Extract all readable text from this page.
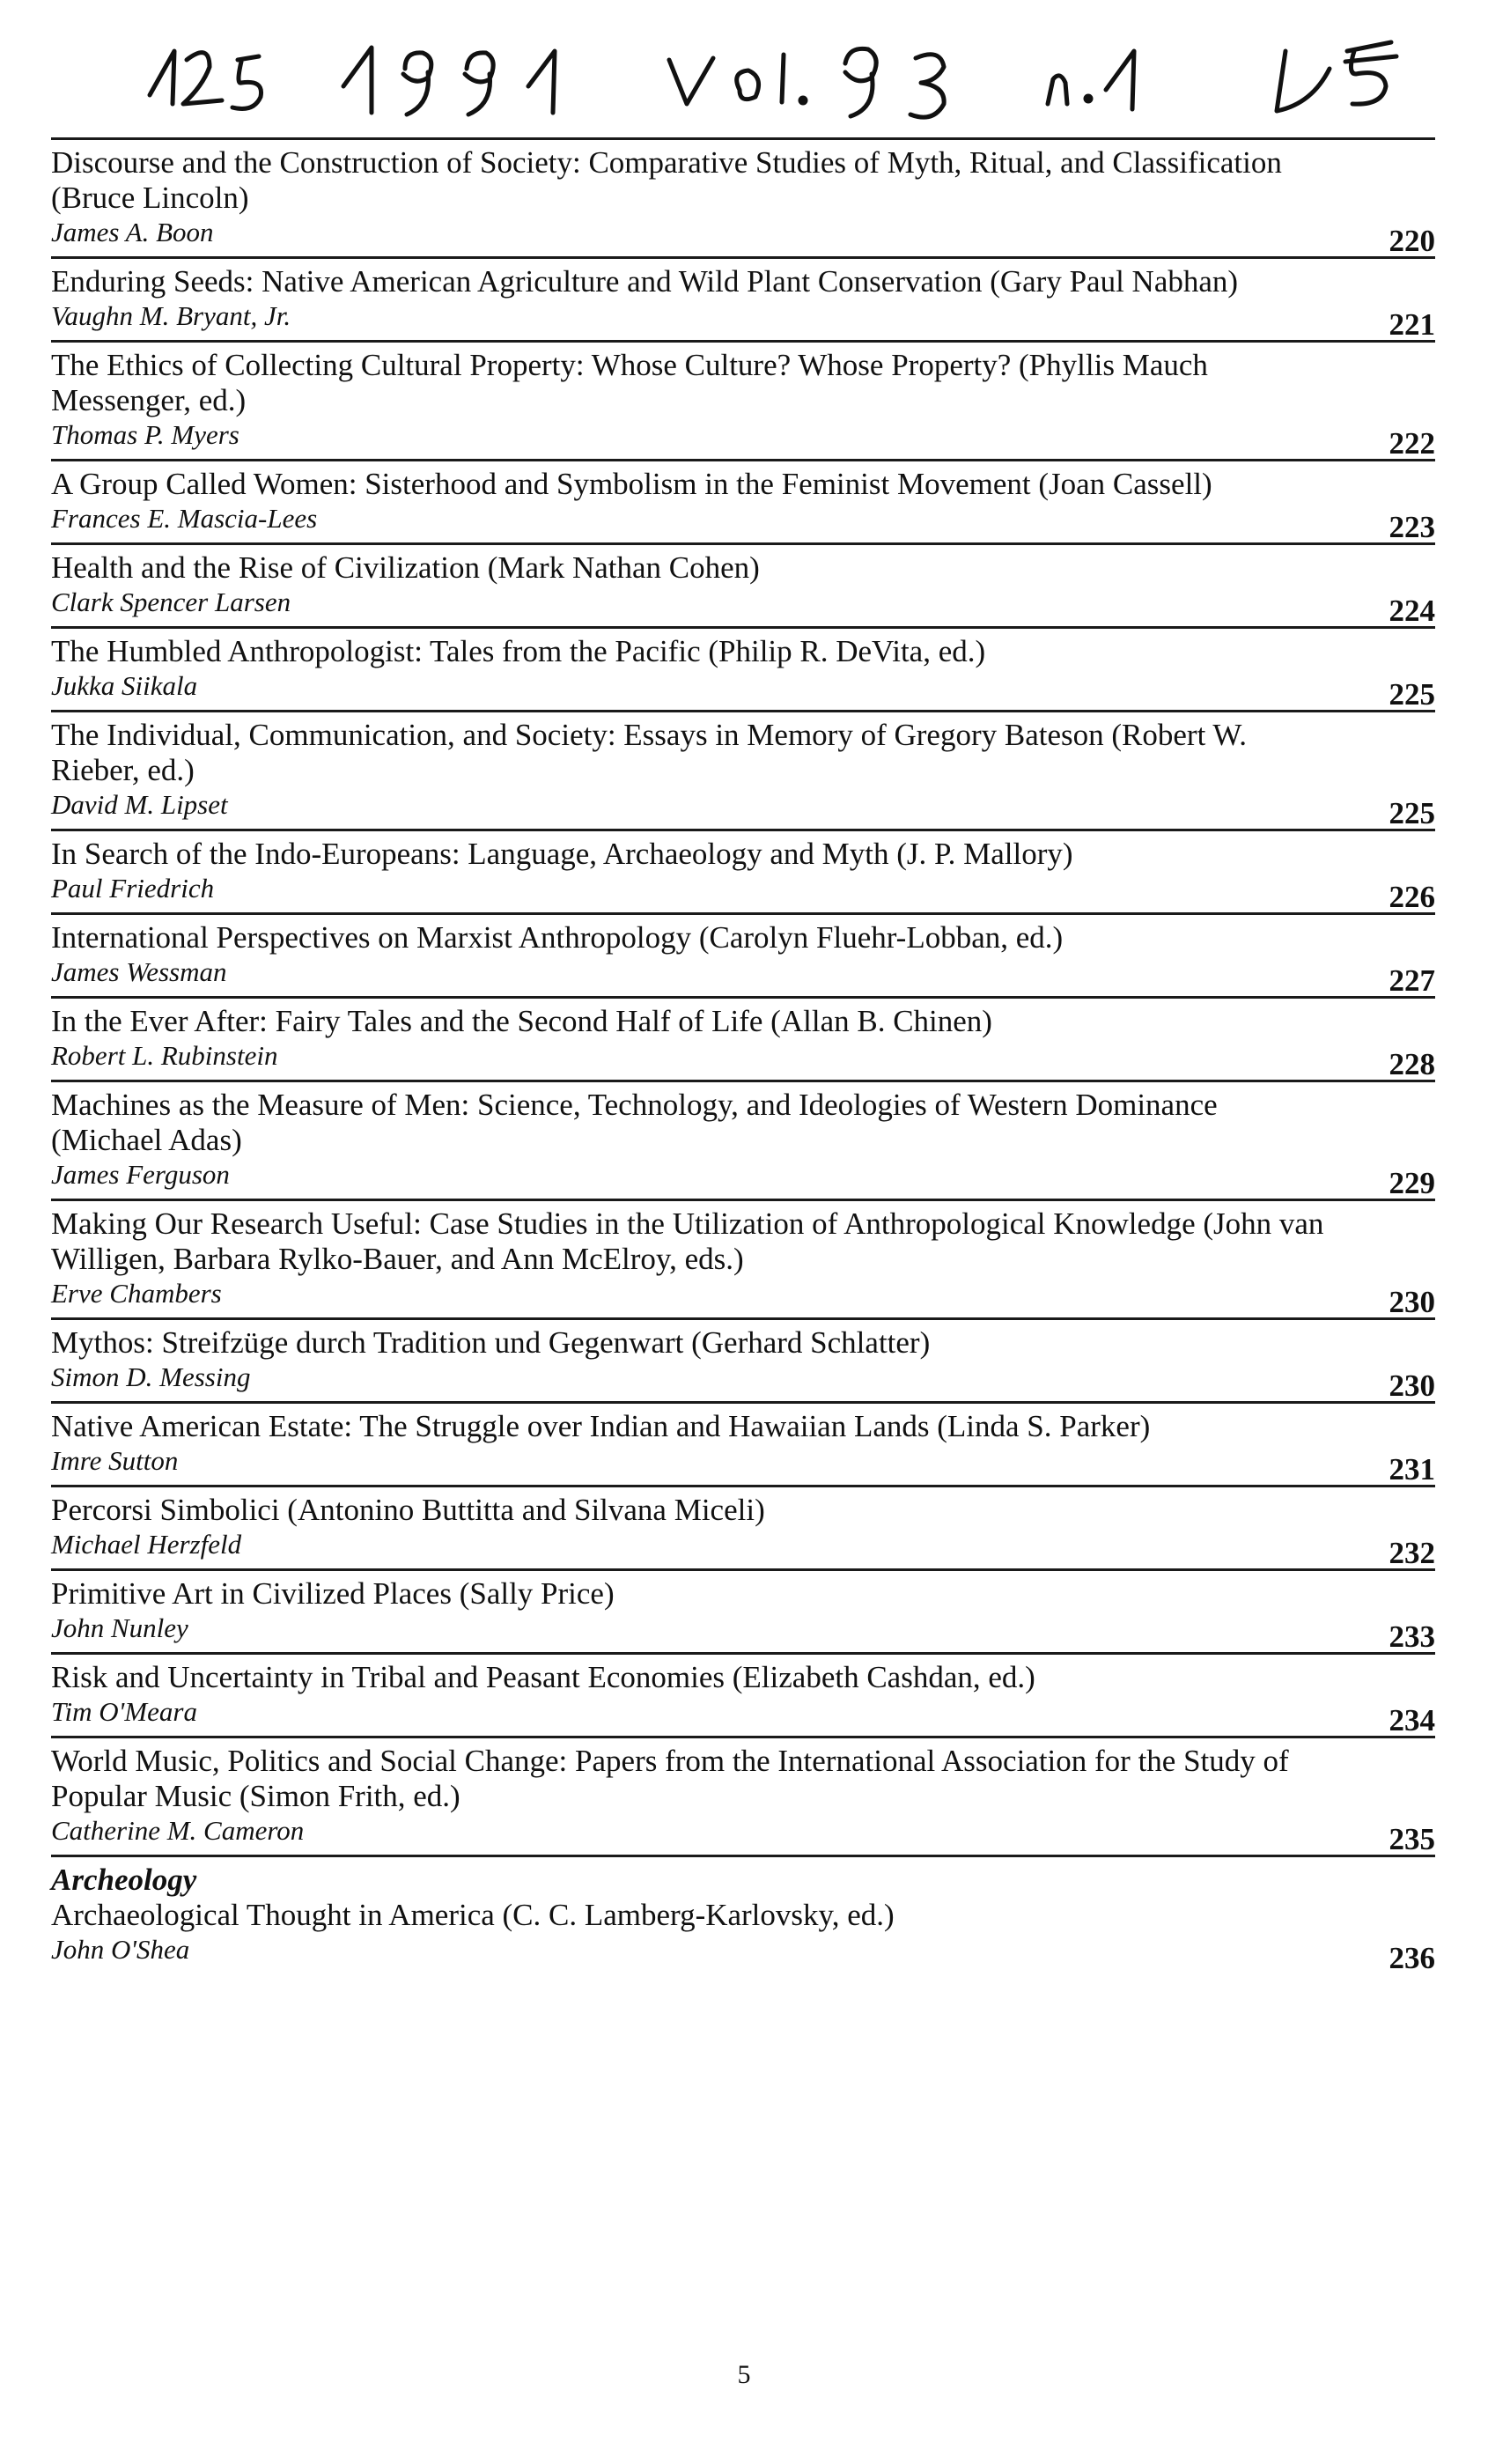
Discourse and the Construction of Society: Comparative Studies of Myth, Ritual, and Classification (Bruce Lincoln)
James A. Boon	220
Enduring Seeds: Native American Agriculture and Wild Plant Conservation (Gary Paul Nabhan)
Vaughn M. Bryant, Jr.	221
The Ethics of Collecting Cultural Property: Whose Culture? Whose Property? (Phyllis Mauch Messenger, ed.)
Thomas P. Myers	222
A Group Called Women: Sisterhood and Symbolism in the Feminist Movement (Joan Cassell)
Frances E. Mascia-Lees	223
Health and the Rise of Civilization (Mark Nathan Cohen)
Clark Spencer Larsen	224
The Humbled Anthropologist: Tales from the Pacific (Philip R. DeVita, ed.)
Jukka Siikala	225
The Individual, Communication, and Society: Essays in Memory of Gregory Bateson (Robert W. Rieber, ed.)
David M. Lipset	225
In Search of the Indo-Europeans: Language, Archaeology and Myth (J. P. Mallory)
Paul Friedrich	226
International Perspectives on Marxist Anthropology (Carolyn Fluehr-Lobban, ed.)
James Wessman	227
In the Ever After: Fairy Tales and the Second Half of Life (Allan B. Chinen)
Robert L. Rubinstein	228
Machines as the Measure of Men: Science, Technology, and Ideologies of Western Dominance (Michael Adas)
James Ferguson	229
Making Our Research Useful: Case Studies in the Utilization of Anthropological Knowledge (John van Willigen, Barbara Rylko-Bauer, and Ann McElroy, eds.)
Erve Chambers	230
Mythos: Streifzüge durch Tradition und Gegenwart (Gerhard Schlatter)
Simon D. Messing	230
Native American Estate: The Struggle over Indian and Hawaiian Lands (Linda S. Parker)
Imre Sutton	231
Percorsi Simbolici (Antonino Buttitta and Silvana Miceli)
Michael Herzfeld	232
Primitive Art in Civilized Places (Sally Price)
John Nunley	233
Risk and Uncertainty in Tribal and Peasant Economies (Elizabeth Cashdan, ed.)
Tim O'Meara	234
World Music, Politics and Social Change: Papers from the International Association for the Study of Popular Music (Simon Frith, ed.)
Catherine M. Cameron	235
Archeology
Archaeological Thought in America (C. C. Lamberg-Karlovsky, ed.)
John O'Shea	236
5
